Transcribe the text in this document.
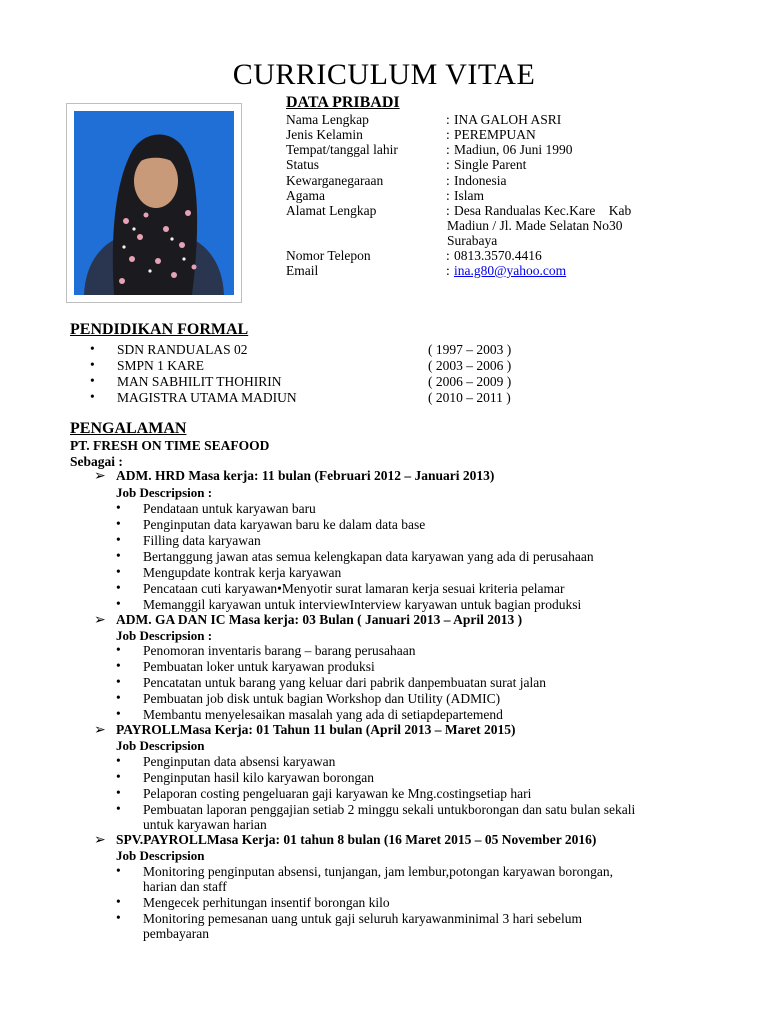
CURRICULUM VITAE
DATA PRIBADI
Nama Lengkap	: INA GALOH ASRI
Jenis Kelamin	: PEREMPUAN
Tempat/tanggal lahir	: Madiun, 06 Juni 1990
Status	: Single Parent
Kewarganegaraan	: Indonesia
Agama	: Islam
Alamat Lengkap	: Desa Randualas Kec.Kare    Kab
Madiun / Jl. Made Selatan No30
Surabaya
Nomor Telepon	: 0813.3570.4416
Email	: ina.g80@yahoo.com
PENDIDIKAN FORMAL
• SDN RANDUALAS 02	( 1997 – 2003 )
• SMPN 1 KARE	( 2003 – 2006 )
• MAN SABHILIT THOHIRIN	( 2006 – 2009 )
• MAGISTRA UTAMA MADIUN	( 2010 – 2011 )
PENGALAMAN
PT. FRESH ON TIME SEAFOOD
Sebagai :
➢ ADM. HRD Masa kerja: 11 bulan (Februari 2012 – Januari 2013)
Job Descripsion :
• Pendataan untuk karyawan baru
• Penginputan data karyawan baru ke dalam data base
• Filling data karyawan
• Bertanggung jawan atas semua kelengkapan data karyawan yang ada di perusahaan
• Mengupdate kontrak kerja karyawan
• Pencataan cuti karyawan•Menyotir surat lamaran kerja sesuai kriteria pelamar
• Memanggil karyawan untuk interviewInterview karyawan untuk bagian produksi
➢ ADM. GA DAN IC Masa kerja: 03 Bulan ( Januari 2013 – April 2013 )
Job Descripsion :
• Penomoran inventaris barang – barang perusahaan
• Pembuatan loker untuk karyawan produksi
• Pencatatan untuk barang yang keluar dari pabrik danpembuatan surat jalan
• Pembuatan job disk untuk bagian Workshop dan Utility (ADMIC)
• Membantu menyelesaikan masalah yang ada di setiapdepartemend
➢ PAYROLLMasa Kerja: 01 Tahun 11 bulan (April 2013 – Maret 2015)
Job Descripsion
• Penginputan data absensi karyawan
• Penginputan hasil kilo karyawan borongan
• Pelaporan costing pengeluaran gaji karyawan ke Mng.costingsetiap hari
• Pembuatan laporan penggajian setiab 2 minggu sekali untukborongan dan satu bulan sekali
untuk karyawan harian
➢ SPV.PAYROLLMasa Kerja: 01 tahun 8 bulan (16 Maret 2015 – 05 November 2016)
Job Descripsion
• Monitoring penginputan absensi, tunjangan, jam lembur,potongan karyawan borongan,
harian dan staff
• Mengecek perhitungan insentif borongan kilo
• Monitoring pemesanan uang untuk gaji seluruh karyawanminimal 3 hari sebelum
pembayaran
